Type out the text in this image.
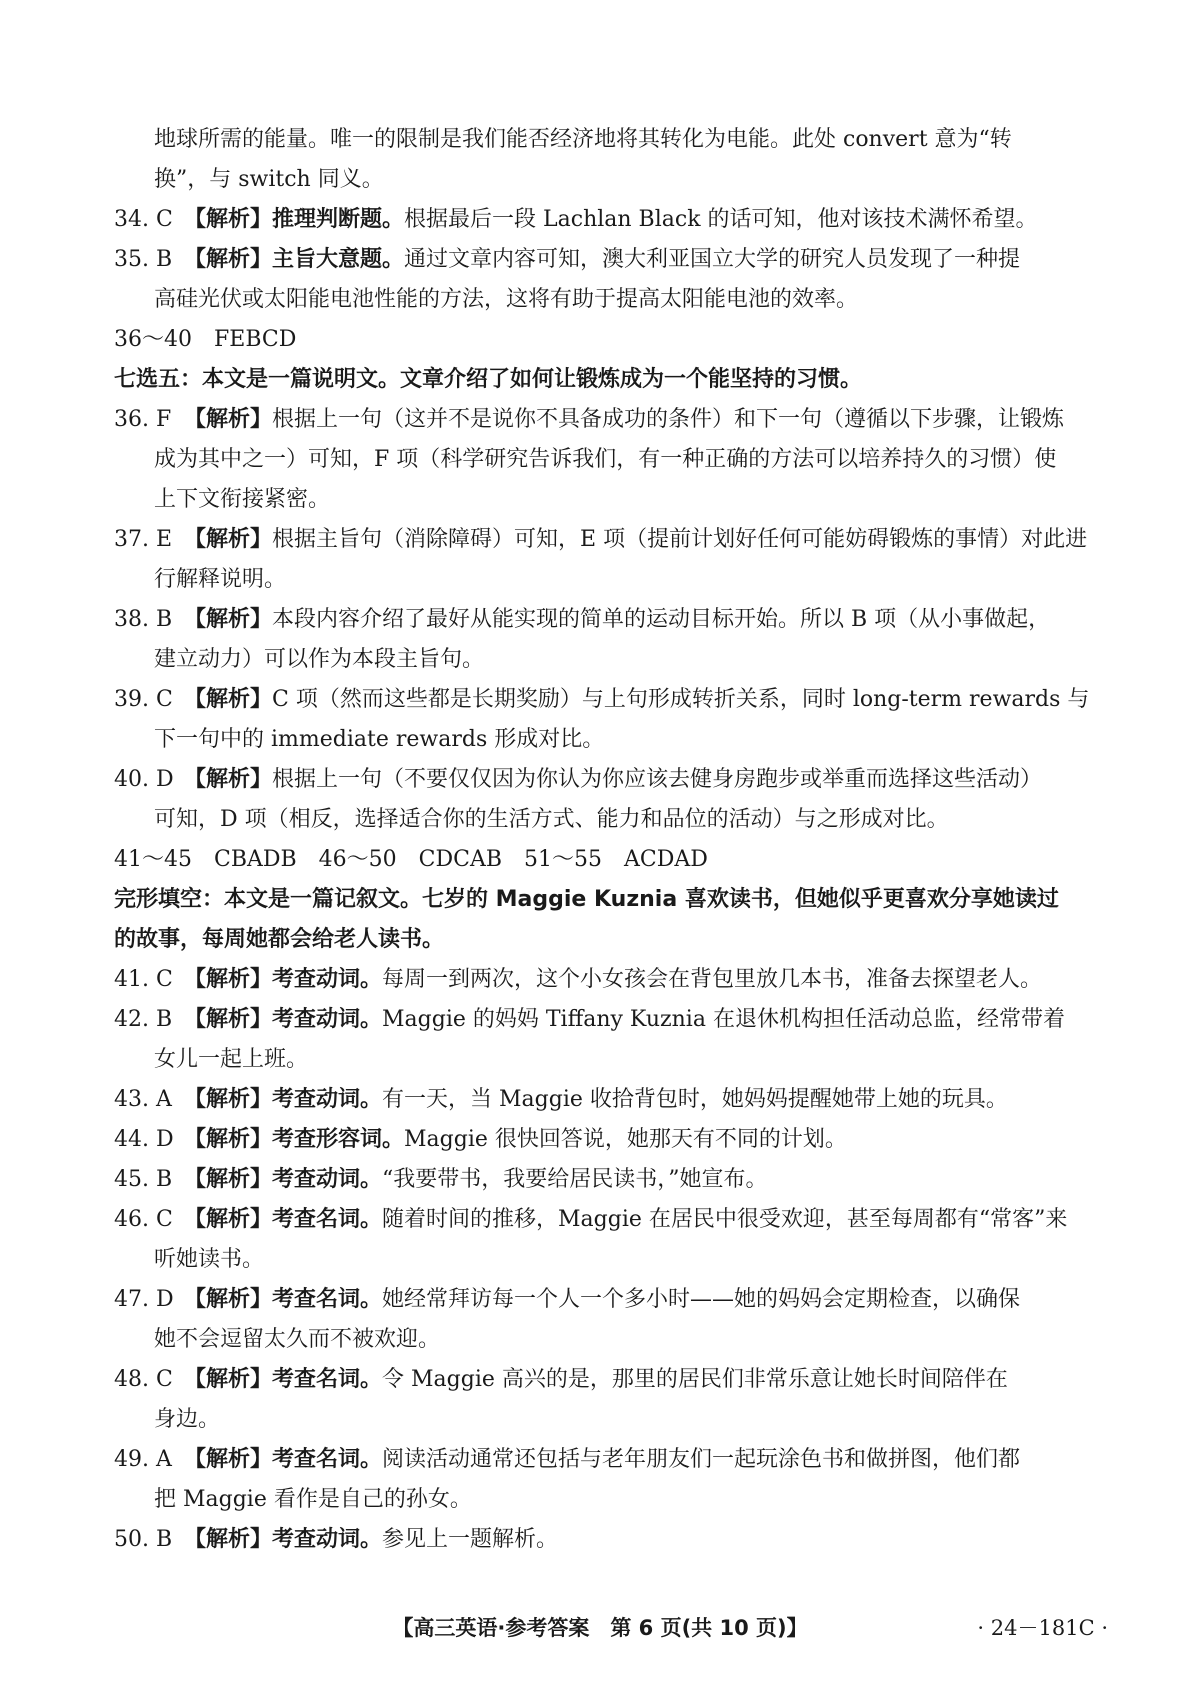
地球所需的能量。唯一的限制是我们能否经济地将其转化为电能。此处 convert 意为“转
换”，与 switch 同义。
34. C 【解析】推理判断题。根据最后一段 Lachlan Black 的话可知，他对该技术满怀希望。
35. B 【解析】主旨大意题。通过文章内容可知，澳大利亚国立大学的研究人员发现了一种提
高硅光伏或太阳能电池性能的方法，这将有助于提高太阳能电池的效率。
36～40　FEBCD
七选五：本文是一篇说明文。文章介绍了如何让锻炼成为一个能坚持的习惯。
36. F 【解析】根据上一句（这并不是说你不具备成功的条件）和下一句（遵循以下步骤，让锻炼
成为其中之一）可知，F 项（科学研究告诉我们，有一种正确的方法可以培养持久的习惯）使
上下文衔接紧密。
37. E 【解析】根据主旨句（消除障碍）可知，E 项（提前计划好任何可能妨碍锻炼的事情）对此进
行解释说明。
38. B 【解析】本段内容介绍了最好从能实现的简单的运动目标开始。所以 B 项（从小事做起，
建立动力）可以作为本段主旨句。
39. C 【解析】C 项（然而这些都是长期奖励）与上句形成转折关系，同时 long-term rewards 与
下一句中的 immediate rewards 形成对比。
40. D 【解析】根据上一句（不要仅仅因为你认为你应该去健身房跑步或举重而选择这些活动）
可知，D 项（相反，选择适合你的生活方式、能力和品位的活动）与之形成对比。
41～45　CBADB　46～50　CDCAB　51～55　ACDAD
完形填空：本文是一篇记叙文。七岁的 Maggie Kuznia 喜欢读书，但她似乎更喜欢分享她读过
的故事，每周她都会给老人读书。
41. C 【解析】考查动词。每周一到两次，这个小女孩会在背包里放几本书，准备去探望老人。
42. B 【解析】考查动词。Maggie 的妈妈 Tiffany Kuznia 在退休机构担任活动总监，经常带着
女儿一起上班。
43. A 【解析】考查动词。有一天，当 Maggie 收拾背包时，她妈妈提醒她带上她的玩具。
44. D 【解析】考查形容词。Maggie 很快回答说，她那天有不同的计划。
45. B 【解析】考查动词。“我要带书，我要给居民读书，”她宣布。
46. C 【解析】考查名词。随着时间的推移，Maggie 在居民中很受欢迎，甚至每周都有“常客”来
听她读书。
47. D 【解析】考查名词。她经常拜访每一个人一个多小时——她的妈妈会定期检查，以确保
她不会逗留太久而不被欢迎。
48. C 【解析】考查名词。令 Maggie 高兴的是，那里的居民们非常乐意让她长时间陪伴在
身边。
49. A 【解析】考查名词。阅读活动通常还包括与老年朋友们一起玩涂色书和做拼图，他们都
把 Maggie 看作是自己的孙女。
50. B 【解析】考查动词。参见上一题解析。
【高三英语·参考答案　第 6 页(共 10 页)】	· 24－181C ·
